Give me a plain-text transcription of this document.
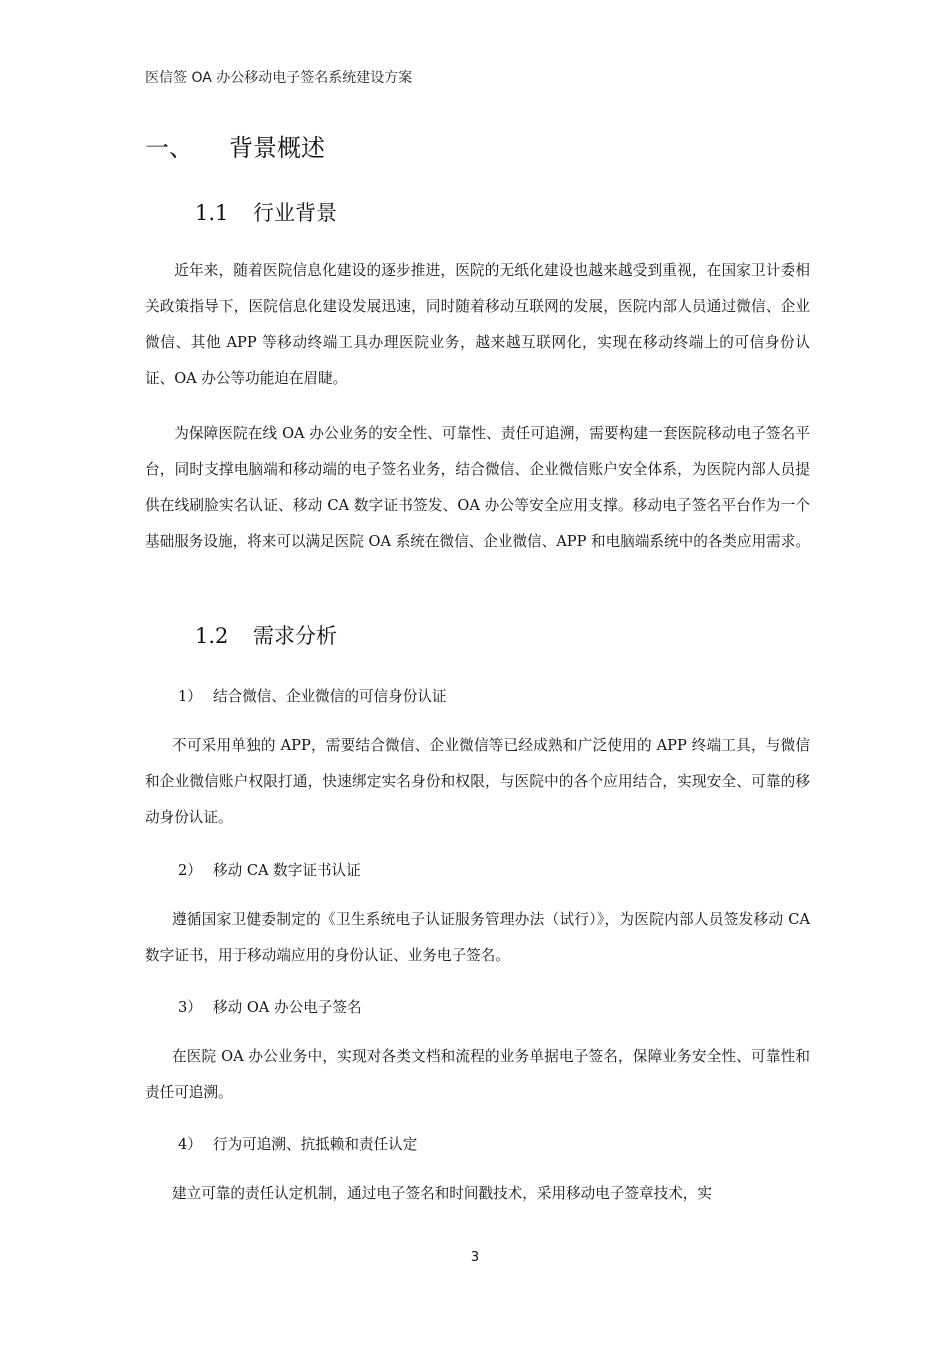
医信签 OA 办公移动电子签名系统建设方案
一、 背景概述
1.1 行业背景

近年来，随着医院信息化建设的逐步推进，医院的无纸化建设也越来越受到重视，在国家卫计委相关政策指导下，医院信息化建设发展迅速，同时随着移动互联网的发展，医院内部人员通过微信、企业微信、其他 APP 等移动终端工具办理医院业务，越来越互联网化，实现在移动终端上的可信身份认证、OA 办公等功能迫在眉睫。

为保障医院在线 OA 办公业务的安全性、可靠性、责任可追溯，需要构建一套医院移动电子签名平台，同时支撑电脑端和移动端的电子签名业务，结合微信、企业微信账户安全体系，为医院内部人员提供在线刷脸实名认证、移动 CA 数字证书签发、OA 办公等安全应用支撑。移动电子签名平台作为一个基础服务设施，将来可以满足医院 OA 系统在微信、企业微信、APP 和电脑端系统中的各类应用需求。

1.2 需求分析
1） 结合微信、企业微信的可信身份认证

不可采用单独的 APP，需要结合微信、企业微信等已经成熟和广泛使用的 APP 终端工具，与微信和企业微信账户权限打通，快速绑定实名身份和权限，与医院中的各个应用结合，实现安全、可靠的移动身份认证。

2） 移动 CA 数字证书认证

遵循国家卫健委制定的《卫生系统电子认证服务管理办法（试行）》，为医院内部人员签发移动 CA 数字证书，用于移动端应用的身份认证、业务电子签名。

3） 移动 OA 办公电子签名

在医院 OA 办公业务中，实现对各类文档和流程的业务单据电子签名，保障业务安全性、可靠性和责任可追溯。

4） 行为可追溯、抗抵赖和责任认定

建立可靠的责任认定机制，通过电子签名和时间戳技术，采用移动电子签章技术，实

3
